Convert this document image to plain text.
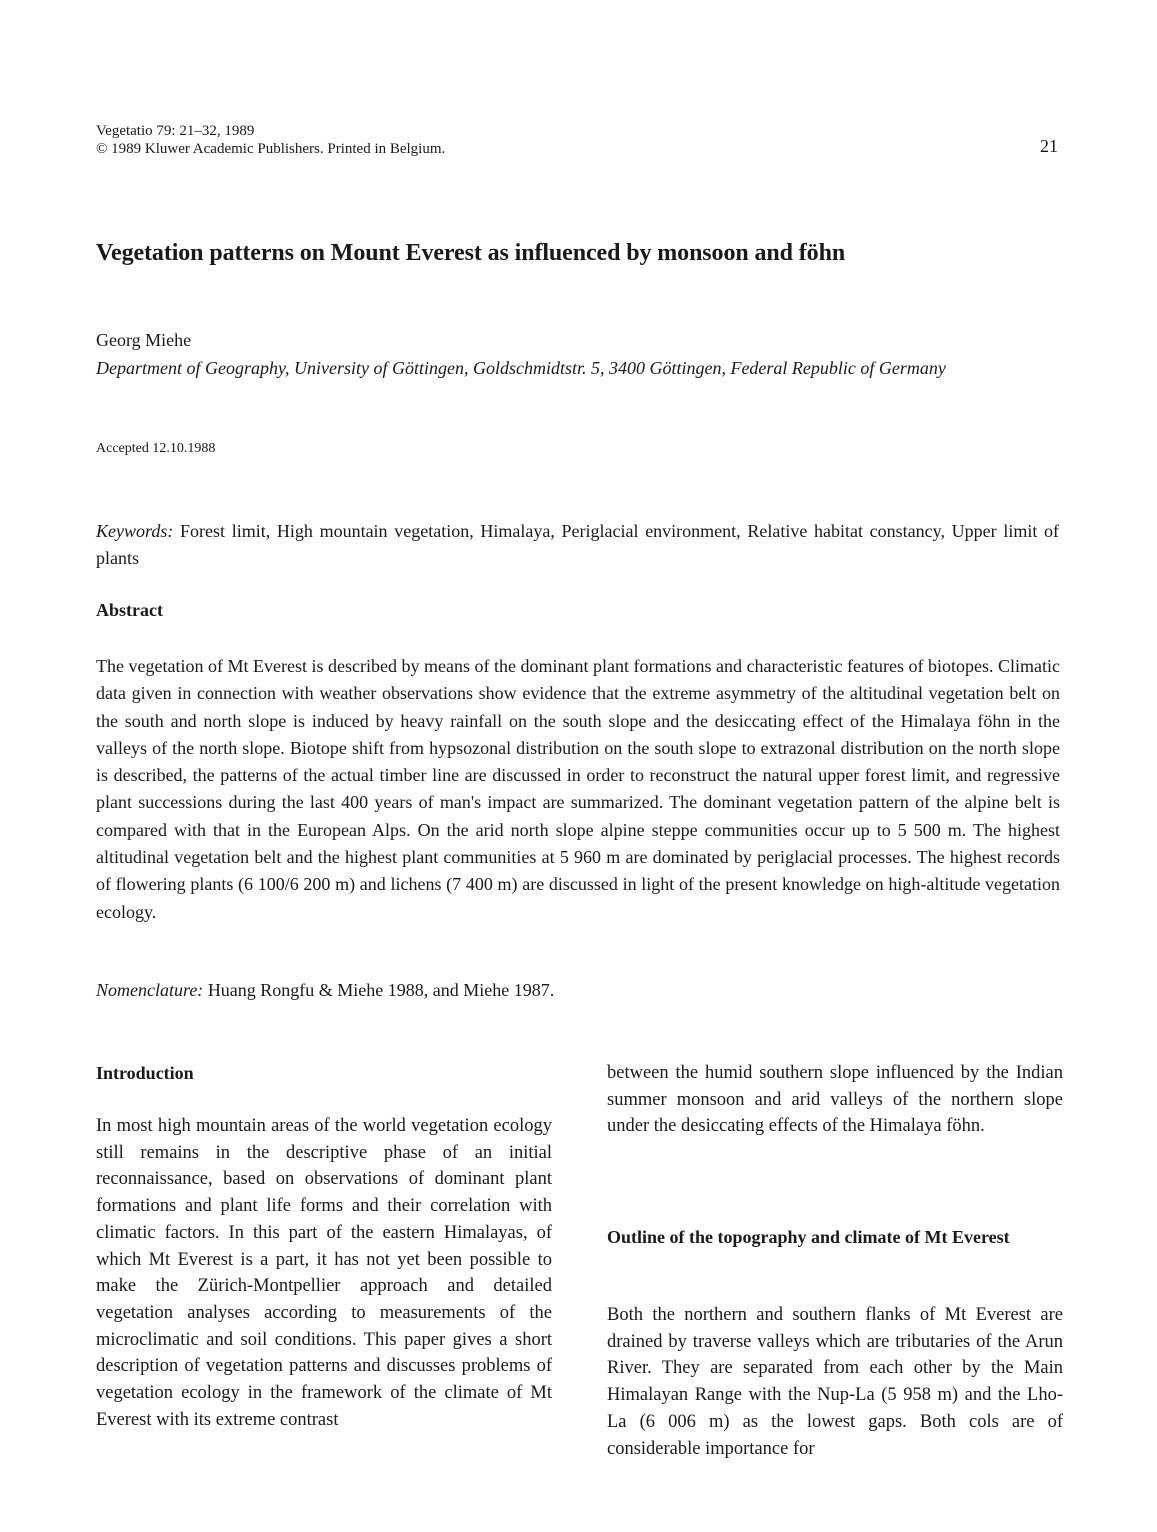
Vegetatio 79: 21–32, 1989
© 1989 Kluwer Academic Publishers. Printed in Belgium.	21
Vegetation patterns on Mount Everest as influenced by monsoon and föhn
Georg Miehe
Department of Geography, University of Göttingen, Goldschmidtstr. 5, 3400 Göttingen, Federal Republic of Germany
Accepted 12.10.1988
Keywords: Forest limit, High mountain vegetation, Himalaya, Periglacial environment, Relative habitat constancy, Upper limit of plants
Abstract
The vegetation of Mt Everest is described by means of the dominant plant formations and characteristic features of biotopes. Climatic data given in connection with weather observations show evidence that the extreme asymmetry of the altitudinal vegetation belt on the south and north slope is induced by heavy rainfall on the south slope and the desiccating effect of the Himalaya föhn in the valleys of the north slope. Biotope shift from hypsozonal distribution on the south slope to extrazonal distribution on the north slope is described, the patterns of the actual timber line are discussed in order to reconstruct the natural upper forest limit, and regressive plant successions during the last 400 years of man's impact are summarized. The dominant vegetation pattern of the alpine belt is compared with that in the European Alps. On the arid north slope alpine steppe communities occur up to 5 500 m. The highest altitudinal vegetation belt and the highest plant communities at 5 960 m are dominated by periglacial processes. The highest records of flowering plants (6 100/6 200 m) and lichens (7 400 m) are discussed in light of the present knowledge on high-altitude vegetation ecology.
Nomenclature: Huang Rongfu & Miehe 1988, and Miehe 1987.
Introduction
In most high mountain areas of the world vegetation ecology still remains in the descriptive phase of an initial reconnaissance, based on observations of dominant plant formations and plant life forms and their correlation with climatic factors. In this part of the eastern Himalayas, of which Mt Everest is a part, it has not yet been possible to make the Zürich-Montpellier approach and detailed vegetation analyses according to measurements of the microclimatic and soil conditions. This paper gives a short description of vegetation patterns and discusses problems of vegetation ecology in the framework of the climate of Mt Everest with its extreme contrast
between the humid southern slope influenced by the Indian summer monsoon and arid valleys of the northern slope under the desiccating effects of the Himalaya föhn.
Outline of the topography and climate of Mt Everest
Both the northern and southern flanks of Mt Everest are drained by traverse valleys which are tributaries of the Arun River. They are separated from each other by the Main Himalayan Range with the Nup-La (5 958 m) and the Lho-La (6 006 m) as the lowest gaps. Both cols are of considerable importance for
